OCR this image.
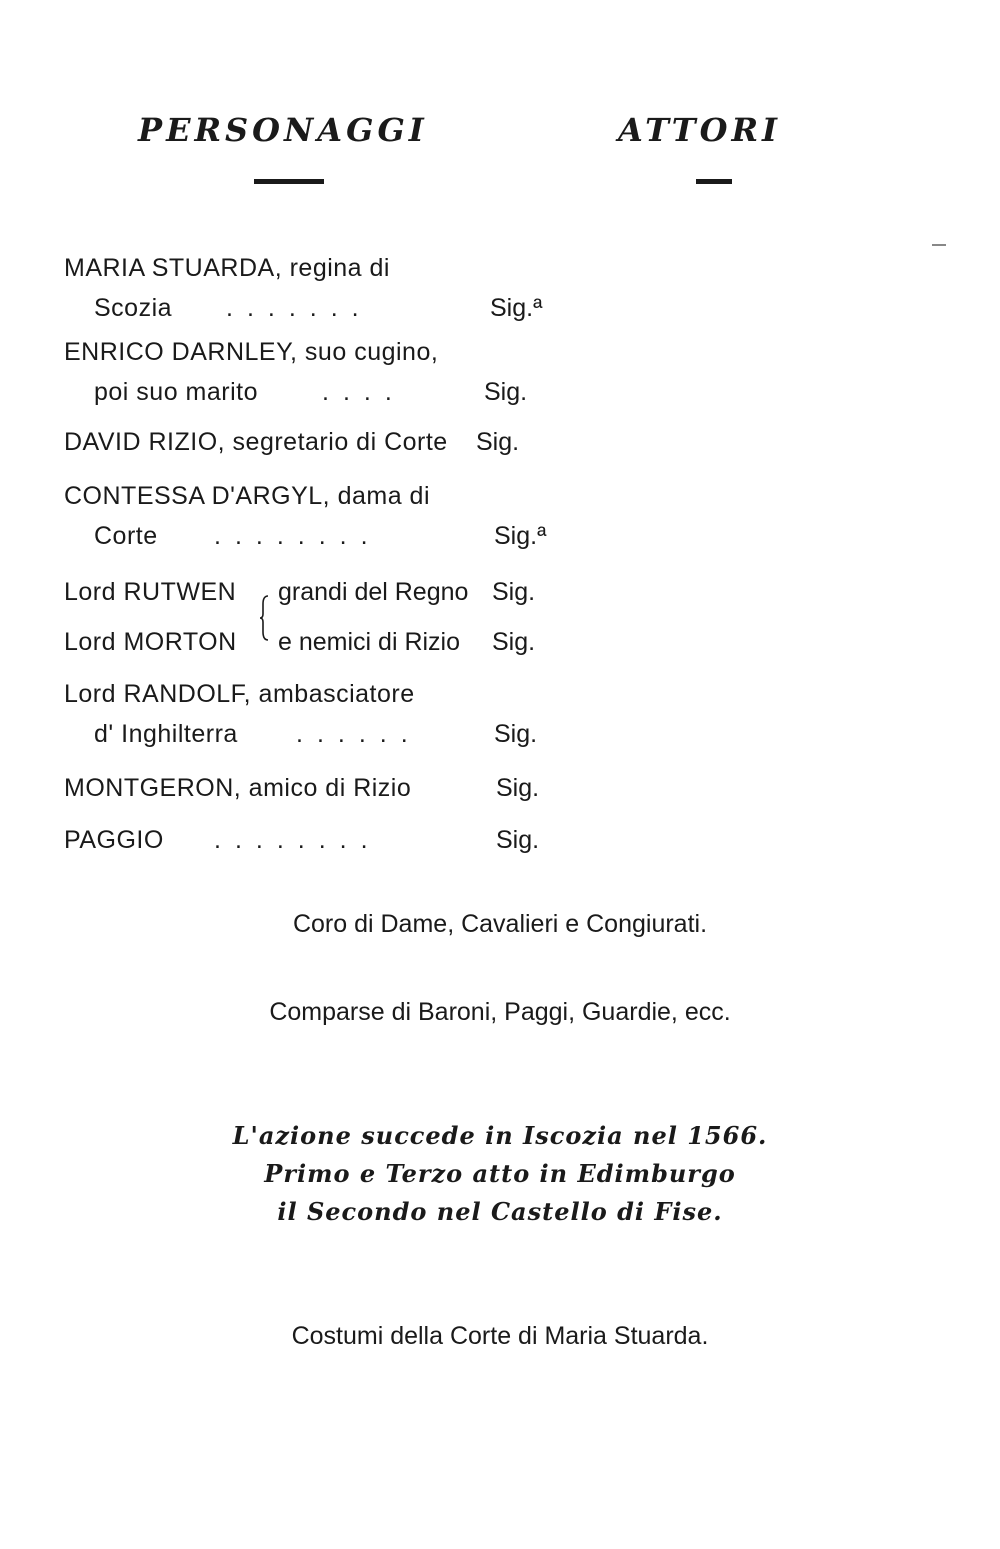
PERSONAGGI	ATTORI
MARIA STUARDA, regina di
Scozia .......	Sig.ª
ENRICO DARNLEY, suo cugino,
poi suo marito	....	Sig.
DAVID RIZIO, segretario di Corte Sig.
CONTESSA D'ARGYL, dama di
Corte ........	Sig.ª
Lord RUTWEN grandi del Regno Sig.
Lord MORTON e nemici di Rizio Sig.
Lord RANDOLF, ambasciatore
d' Inghilterra ......	Sig.
MONTGERON, amico di Rizio	Sig.
PAGGIO ........	Sig.
Coro di Dame, Cavalieri e Congiurati.
Comparse di Baroni, Paggi, Guardie, ecc.
L'azione succede in Iscozia nel 1566.
Primo e Terzo atto in Edimburgo
il Secondo nel Castello di Fise.
Costumi della Corte di Maria Stuarda.
